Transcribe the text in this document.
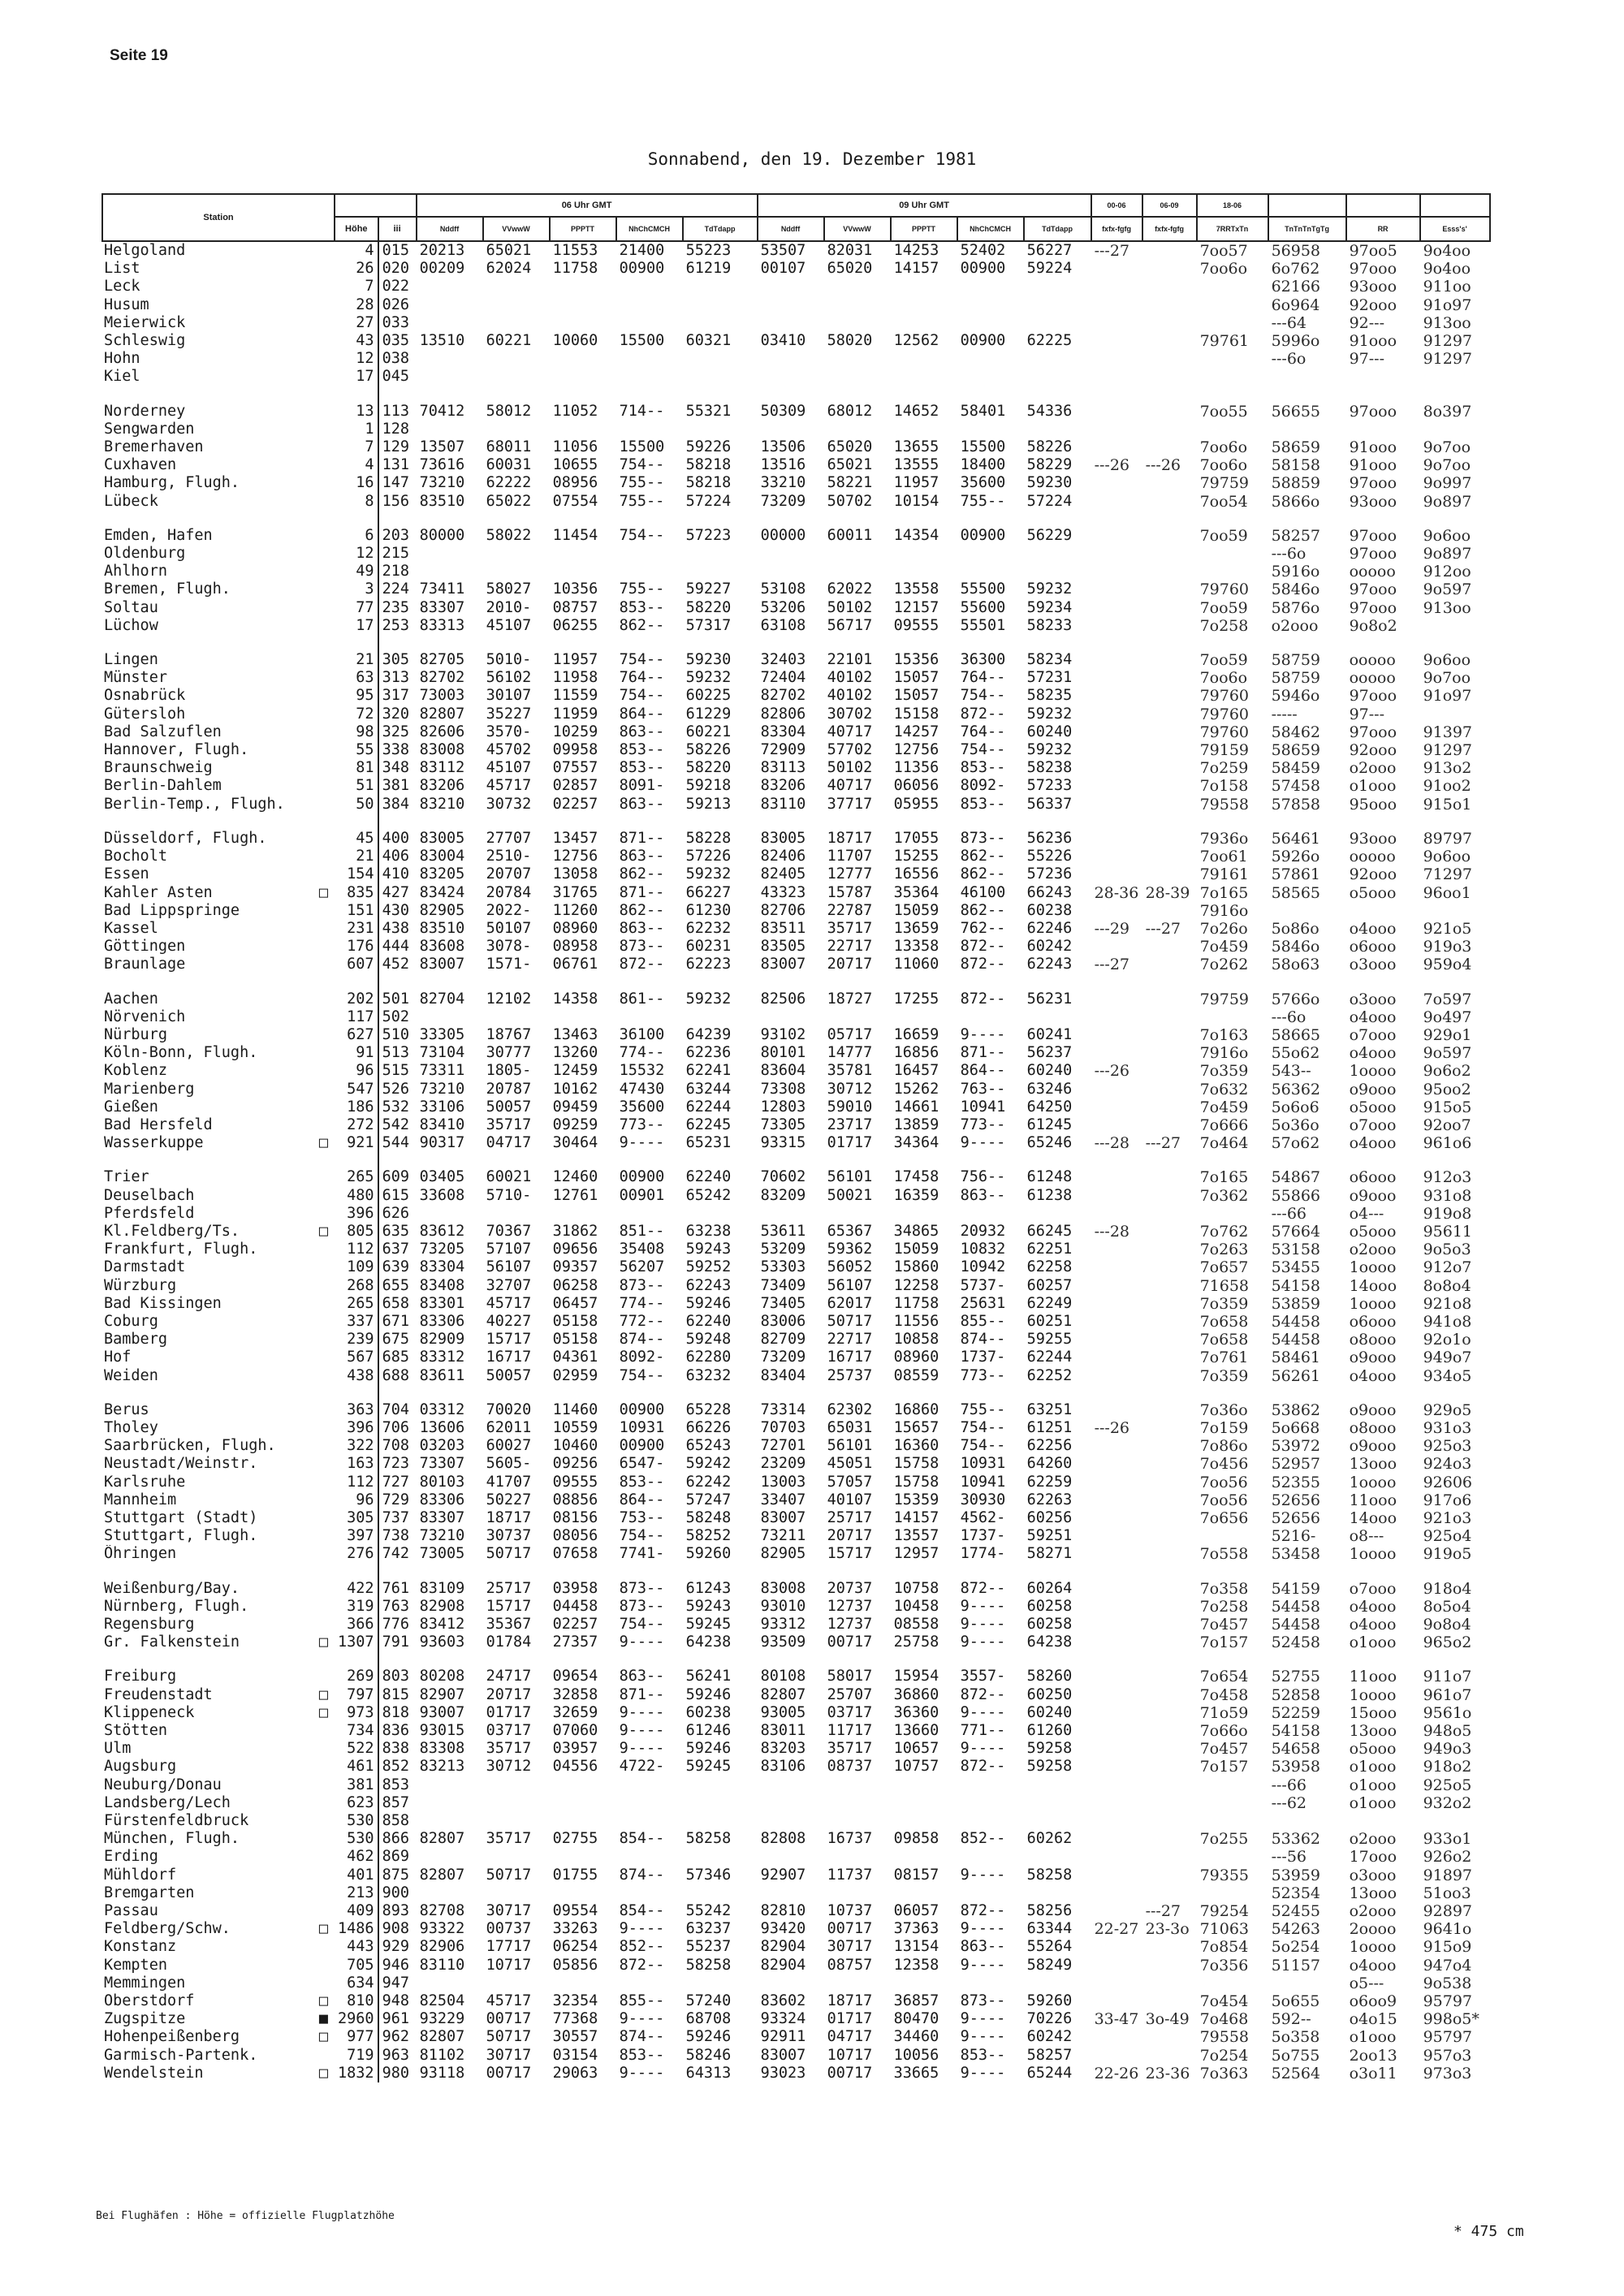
Seite 19
Sonnabend, den 19. Dezember 1981
Station			06 Uhr GMT					09 Uhr GMT					00-06	06-09	18-06			
	Höhe	iii	Nddff	VVwwW	PPPTT	NhChCMCH	TdTdapp	Nddff	VVwwW	PPPTT	NhChCMCH	TdTdapp	fxfx-fgfg	fxfx-fgfg	7RRTxTn	TnTnTnTgTg	RR	Esss's'
Helgoland	4	015	20213	65021	11553	21400	55223	53507	82031	14253	52402	56227	---27		7oo57	56958	97oo5	9o4oo
List	26	020	00209	62024	11758	00900	61219	00107	65020	14157	00900	59224			7oo6o	6o762	97ooo	9o4oo
Leck	7	022														62166	93ooo	911oo
Husum	28	026														6o964	92ooo	91o97
Meierwick	27	033														---64	92---	913oo
Schleswig	43	035	13510	60221	10060	15500	60321	03410	58020	12562	00900	62225			79761	5996o	91ooo	91297
Hohn	12	038														---6o	97---	91297
Kiel	17	045																

Norderney	13	113	70412	58012	11052	714--	55321	50309	68012	14652	58401	54336			7oo55	56655	97ooo	8o397
Sengwarden	1	128																
Bremerhaven	7	129	13507	68011	11056	15500	59226	13506	65020	13655	15500	58226			7oo6o	58659	91ooo	9o7oo
Cuxhaven	4	131	73616	60031	10655	754--	58218	13516	65021	13555	18400	58229	---26	---26	7oo6o	58158	91ooo	9o7oo
Hamburg, Flugh.	16	147	73210	62222	08956	755--	58218	33210	58221	11957	35600	59230			79759	58859	97ooo	9o997
Lübeck	8	156	83510	65022	07554	755--	57224	73209	50702	10154	755--	57224			7oo54	5866o	93ooo	9o897

Emden, Hafen	6	203	80000	58022	11454	754--	57223	00000	60011	14354	00900	56229			7oo59	58257	97ooo	9o6oo
Oldenburg	12	215														---6o	97ooo	9o897
Ahlhorn	49	218														5916o	ooooo	912oo
Bremen, Flugh.	3	224	73411	58027	10356	755--	59227	53108	62022	13558	55500	59232			79760	5846o	97ooo	9o597
Soltau	77	235	83307	2010-	08757	853--	58220	53206	50102	12157	55600	59234			7oo59	5876o	97ooo	913oo
Lüchow	17	253	83313	45107	06255	862--	57317	63108	56717	09555	55501	58233			7o258	o2ooo	9o8o2	

Lingen	21	305	82705	5010-	11957	754--	59230	32403	22101	15356	36300	58234			7oo59	58759	ooooo	9o6oo
Münster	63	313	82702	56102	11958	764--	59232	72404	40102	15057	764--	57231			7oo6o	58759	ooooo	9o7oo
Osnabrück	95	317	73003	30107	11559	754--	60225	82702	40102	15057	754--	58235			79760	5946o	97ooo	91o97
Gütersloh	72	320	82807	35227	11959	864--	61229	82806	30702	15158	872--	59232			79760	-----	97---	
Bad Salzuflen	98	325	82606	3570-	10259	863--	60221	83304	40717	14257	764--	60240			79760	58462	97ooo	91397
Hannover, Flugh.	55	338	83008	45702	09958	853--	58226	72909	57702	12756	754--	59232			79159	58659	92ooo	91297
Braunschweig	81	348	83112	45107	07557	853--	58220	83113	50102	11356	853--	58238			7o259	58459	o2ooo	913o2
Berlin-Dahlem	51	381	83206	45717	02857	8091-	59218	83206	40717	06056	8092-	57233			7o158	57458	o1ooo	91oo2
Berlin-Temp., Flugh.	50	384	83210	30732	02257	863--	59213	83110	37717	05955	853--	56337			79558	57858	95ooo	915o1

Düsseldorf, Flugh.	45	400	83005	27707	13457	871--	58228	83005	18717	17055	873--	56236			7936o	56461	93ooo	89797
Bocholt	21	406	83004	2510-	12756	863--	57226	82406	11707	15255	862--	55226			7oo61	5926o	ooooo	9o6oo
Essen	154	410	83205	20707	13058	862--	59232	82405	12777	16556	862--	57236			79161	57861	92ooo	71297
Kahler Asten □	835	427	83424	20784	31765	871--	66227	43323	15787	35364	46100	66243	28-36	28-39	7o165	58565	o5ooo	96oo1
Bad Lippspringe	151	430	82905	2022-	11260	862--	61230	82706	22787	15059	862--	60238			7916o			
Kassel	231	438	83510	50107	08960	863--	62232	83511	35717	13659	762--	62246	---29	---27	7o26o	5o86o	o4ooo	921o5
Göttingen	176	444	83608	3078-	08958	873--	60231	83505	22717	13358	872--	60242			7o459	5846o	o6ooo	919o3
Braunlage	607	452	83007	1571-	06761	872--	62223	83007	20717	11060	872--	62243	---27		7o262	58o63	o3ooo	959o4

Aachen	202	501	82704	12102	14358	861--	59232	82506	18727	17255	872--	56231			79759	5766o	o3ooo	7o597
Nörvenich	117	502														---6o	o4ooo	9o497
Nürburg	627	510	33305	18767	13463	36100	64239	93102	05717	16659	9----	60241			7o163	58665	o7ooo	929o1
Köln-Bonn, Flugh.	91	513	73104	30777	13260	774--	62236	80101	14777	16856	871--	56237			7916o	55o62	o4ooo	9o597
Koblenz	96	515	73311	1805-	12459	15532	62241	83604	35781	16457	864--	60240	---26		7o359	543--	1oooo	9o6o2
Marienberg	547	526	73210	20787	10162	47430	63244	73308	30712	15262	763--	63246			7o632	56362	o9ooo	95oo2
Gießen	186	532	33106	50057	09459	35600	62244	12803	59010	14661	10941	64250			7o459	5o6o6	o5ooo	915o5
Bad Hersfeld	272	542	83410	35717	09259	773--	62245	73305	23717	13859	773--	61245			7o666	5o36o	o7ooo	92oo7
Wasserkuppe □	921	544	90317	04717	30464	9----	65231	93315	01717	34364	9----	65246	---28	---27	7o464	57o62	o4ooo	961o6

Trier	265	609	03405	60021	12460	00900	62240	70602	56101	17458	756--	61248			7o165	54867	o6ooo	912o3
Deuselbach	480	615	33608	5710-	12761	00901	65242	83209	50021	16359	863--	61238			7o362	55866	o9ooo	931o8
Pferdsfeld	396	626														---66	o4---	919o8
Kl.Feldberg/Ts. □	805	635	83612	70367	31862	851--	63238	53611	65367	34865	20932	66245	---28		7o762	57664	o5ooo	95611
Frankfurt, Flugh.	112	637	73205	57107	09656	35408	59243	53209	59362	15059	10832	62251			7o263	53158	o2ooo	9o5o3
Darmstadt	109	639	83304	56107	09357	56207	59252	53303	56052	15860	10942	62258			7o657	53455	1oooo	912o7
Würzburg	268	655	83408	32707	06258	873--	62243	73409	56107	12258	5737-	60257			71658	54158	14ooo	8o8o4
Bad Kissingen	265	658	83301	45717	06457	774--	59246	73405	62017	11758	25631	62249			7o359	53859	1oooo	921o8
Coburg	337	671	83306	40227	05158	772--	62240	83006	50717	11556	855--	60251			7o658	54458	o6ooo	941o8
Bamberg	239	675	82909	15717	05158	874--	59248	82709	22717	10858	874--	59255			7o658	54458	o8ooo	92o1o
Hof	567	685	83312	16717	04361	8092-	62280	73209	16717	08960	1737-	62244			7o761	58461	o9ooo	949o7
Weiden	438	688	83611	50057	02959	754--	63232	83404	25737	08559	773--	62252			7o359	56261	o4ooo	934o5

Berus	363	704	03312	70020	11460	00900	65228	73314	62302	16860	755--	63251			7o36o	53862	o9ooo	929o5
Tholey	396	706	13606	62011	10559	10931	66226	70703	65031	15657	754--	61251	---26		7o159	5o668	o8ooo	931o3
Saarbrücken, Flugh.	322	708	03203	60027	10460	00900	65243	72701	56101	16360	754--	62256			7o86o	53972	o9ooo	925o3
Neustadt/Weinstr.	163	723	73307	5605-	09256	6547-	59242	23209	45051	15758	10931	64260			7o456	52957	13ooo	924o3
Karlsruhe	112	727	80103	41707	09555	853--	62242	13003	57057	15758	10941	62259			7oo56	52355	1oooo	92606
Mannheim	96	729	83306	50227	08856	864--	57247	33407	40107	15359	30930	62263			7oo56	52656	11ooo	917o6
Stuttgart (Stadt)	305	737	83307	18717	08156	753--	58248	83007	25717	14157	4562-	60256			7o656	52656	14ooo	921o3
Stuttgart, Flugh.	397	738	73210	30737	08056	754--	58252	73211	20717	13557	1737-	59251				5216-	o8---	925o4
Öhringen	276	742	73005	50717	07658	7741-	59260	82905	15717	12957	1774-	58271			7o558	53458	1oooo	919o5

Weißenburg/Bay.	422	761	83109	25717	03958	873--	61243	83008	20737	10758	872--	60264			7o358	54159	o7ooo	918o4
Nürnberg, Flugh.	319	763	82908	15717	04458	873--	59243	93010	12737	10458	9----	60258			7o258	54458	o4ooo	8o5o4
Regensburg	366	776	83412	35367	02257	754--	59245	93312	12737	08558	9----	60258			7o457	54458	o4ooo	9o8o4
Gr. Falkenstein □	1307	791	93603	01784	27357	9----	64238	93509	00717	25758	9----	64238			7o157	52458	o1ooo	965o2

Freiburg	269	803	80208	24717	09654	863--	56241	80108	58017	15954	3557-	58260			7o654	52755	11ooo	911o7
Freudenstadt □	797	815	82907	20717	32858	871--	59246	82807	25707	36860	872--	60250			7o458	52858	1oooo	961o7
Klippeneck □	973	818	93007	01717	32659	9----	60238	93005	03717	36360	9----	60240			71o59	52259	15ooo	9561o
Stötten	734	836	93015	03717	07060	9----	61246	83011	11717	13660	771--	61260			7o66o	54158	13ooo	948o5
Ulm	522	838	83308	35717	03957	9----	59246	83203	35717	10657	9----	59258			7o457	54658	o5ooo	949o3
Augsburg	461	852	83213	30712	04556	4722-	59245	83106	08737	10757	872--	59258			7o157	53958	o1ooo	918o2
Neuburg/Donau	381	853														---66	o1ooo	925o5
Landsberg/Lech	623	857														---62	o1ooo	932o2
Fürstenfeldbruck	530	858																
München, Flugh.	530	866	82807	35717	02755	854--	58258	82808	16737	09858	852--	60262			7o255	53362	o2ooo	933o1
Erding	462	869														---56	17ooo	926o2
Mühldorf	401	875	82807	50717	01755	874--	57346	92907	11737	08157	9----	58258			79355	53959	o3ooo	91897
Bremgarten	213	900														52354	13ooo	51oo3
Passau	409	893	82708	30717	09554	854--	55242	82810	10737	06057	872--	58256		---27	79254	52455	o2ooo	92897
Feldberg/Schw. □	1486	908	93322	00737	33263	9----	63237	93420	00717	37363	9----	63344	22-27	23-3o	71063	54263	2oooo	9641o
Konstanz	443	929	82906	17717	06254	852--	55237	82904	30717	13154	863--	55264			7o854	5o254	1oooo	915o9
Kempten	705	946	83110	10717	05856	872--	58258	82904	08757	12358	9----	58249			7o356	51157	o4ooo	947o4
Memmingen	634	947															o5---	9o538
Oberstdorf □	810	948	82504	45717	32354	855--	57240	83602	18717	36857	873--	59260			7o454	5o655	o6oo9	95797
Zugspitze ■	2960	961	93229	00717	77368	9----	68708	93324	01717	80470	9----	70226	33-47	3o-49	7o468	592--	o4o15	998o5*
Hohenpeißenberg □	977	962	82807	50717	30557	874--	59246	92911	04717	34460	9----	60242			79558	5o358	o1ooo	95797
Garmisch-Partenk.	719	963	81102	30717	03154	853--	58246	83007	10717	10056	853--	58257			7o254	5o755	2oo13	957o3
Wendelstein □	1832	980	93118	00717	29063	9----	64313	93023	00717	33665	9----	65244	22-26	23-36	7o363	52564	o3o11	973o3
Bei Flughäfen : Höhe = offizielle Flugplatzhöhe
* 475 cm
